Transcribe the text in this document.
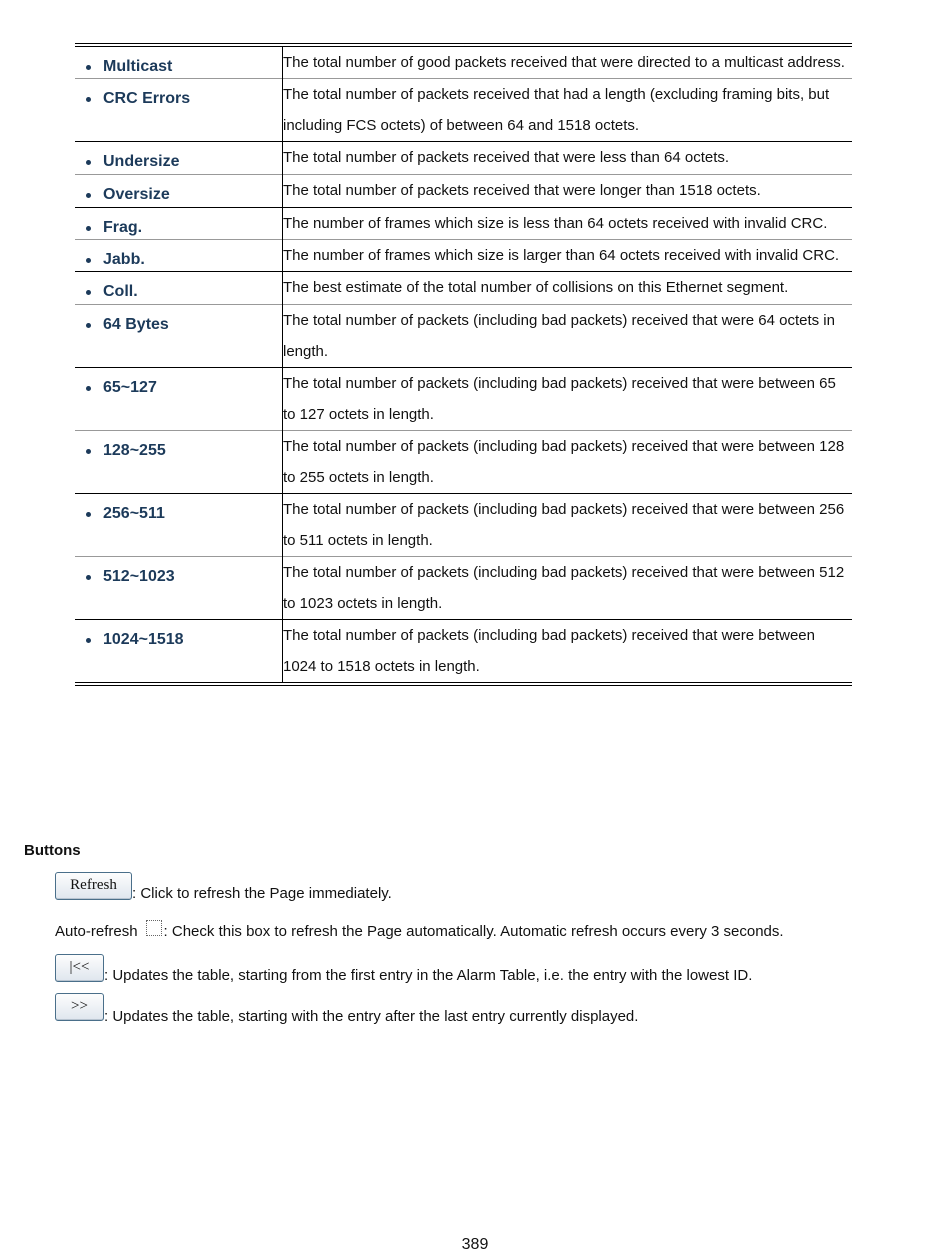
Multicast	The total number of good packets received that were directed to a multicast address.

CRC Errors	The total number of packets received that had a length (excluding framing bits, but including FCS octets) of between 64 and 1518 octets.

Undersize	The total number of packets received that were less than 64 octets.

Oversize	The total number of packets received that were longer than 1518 octets.

Frag.	The number of frames which size is less than 64 octets received with invalid CRC.

Jabb.	The number of frames which size is larger than 64 octets received with invalid CRC.

Coll.	The best estimate of the total number of collisions on this Ethernet segment.

64 Bytes	The total number of packets (including bad packets) received that were 64 octets in length.

65~127	The total number of packets (including bad packets) received that were between 65 to 127 octets in length.

128~255	The total number of packets (including bad packets) received that were between 128 to 255 octets in length.

256~511	The total number of packets (including bad packets) received that were between 256 to 511 octets in length.

512~1023	The total number of packets (including bad packets) received that were between 512 to 1023 octets in length.

1024~1518	The total number of packets (including bad packets) received that were between 1024 to 1518 octets in length.
Buttons
Refresh	: Click to refresh the Page immediately.
Auto-refresh : Check this box to refresh the Page automatically. Automatic refresh occurs every 3 seconds.
|<< : Updates the table, starting from the first entry in the Alarm Table, i.e. the entry with the lowest ID.
>>
: Updates the table, starting with the entry after the last entry currently displayed.
389
